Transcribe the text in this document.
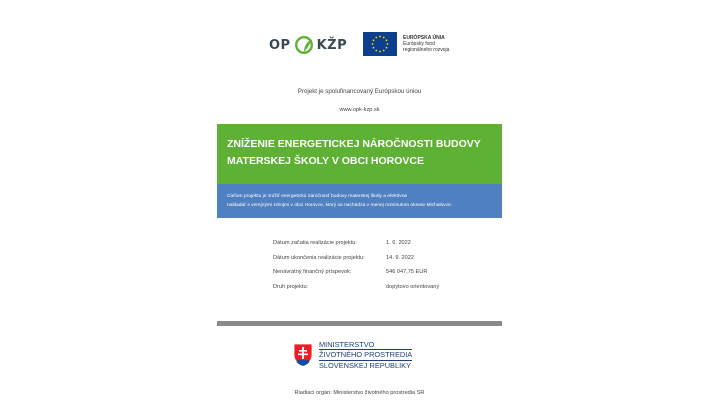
OP KŽP	EURÓPSKA ÚNIA
Európsky fond
regionálneho rozvoja
Projekt je spolufinancovaný Európskou úniou
www.opk-kzp.sk
ZNÍŽENIE ENERGETICKEJ NÁROČNOSTI BUDOVY
MATERSKEJ ŠKOLY V OBCI HOROVCE
Cieľom projektu je znížiť energetickú náročnosť budovy materskej školy a efektívne
nakladať s verejnými zdrojmi v obci Horovce, ktorý sa nachádza v menej rozvinutom okrese Michalovce.
Dátum začatia realizácie projektu:	1. 6. 2022
Dátum ukončenia realizácie projektu:	14. 9. 2022
Nenávratný finančný príspevok:	546 047,75 EUR
Druh projektu:	dopytovo orientovaný
MINISTERSTVO
ŽIVOTNÉHO PROSTREDIA
SLOVENSKEJ REPUBLIKY
Riadiaci orgán: Ministerstvo životného prostredia SR
